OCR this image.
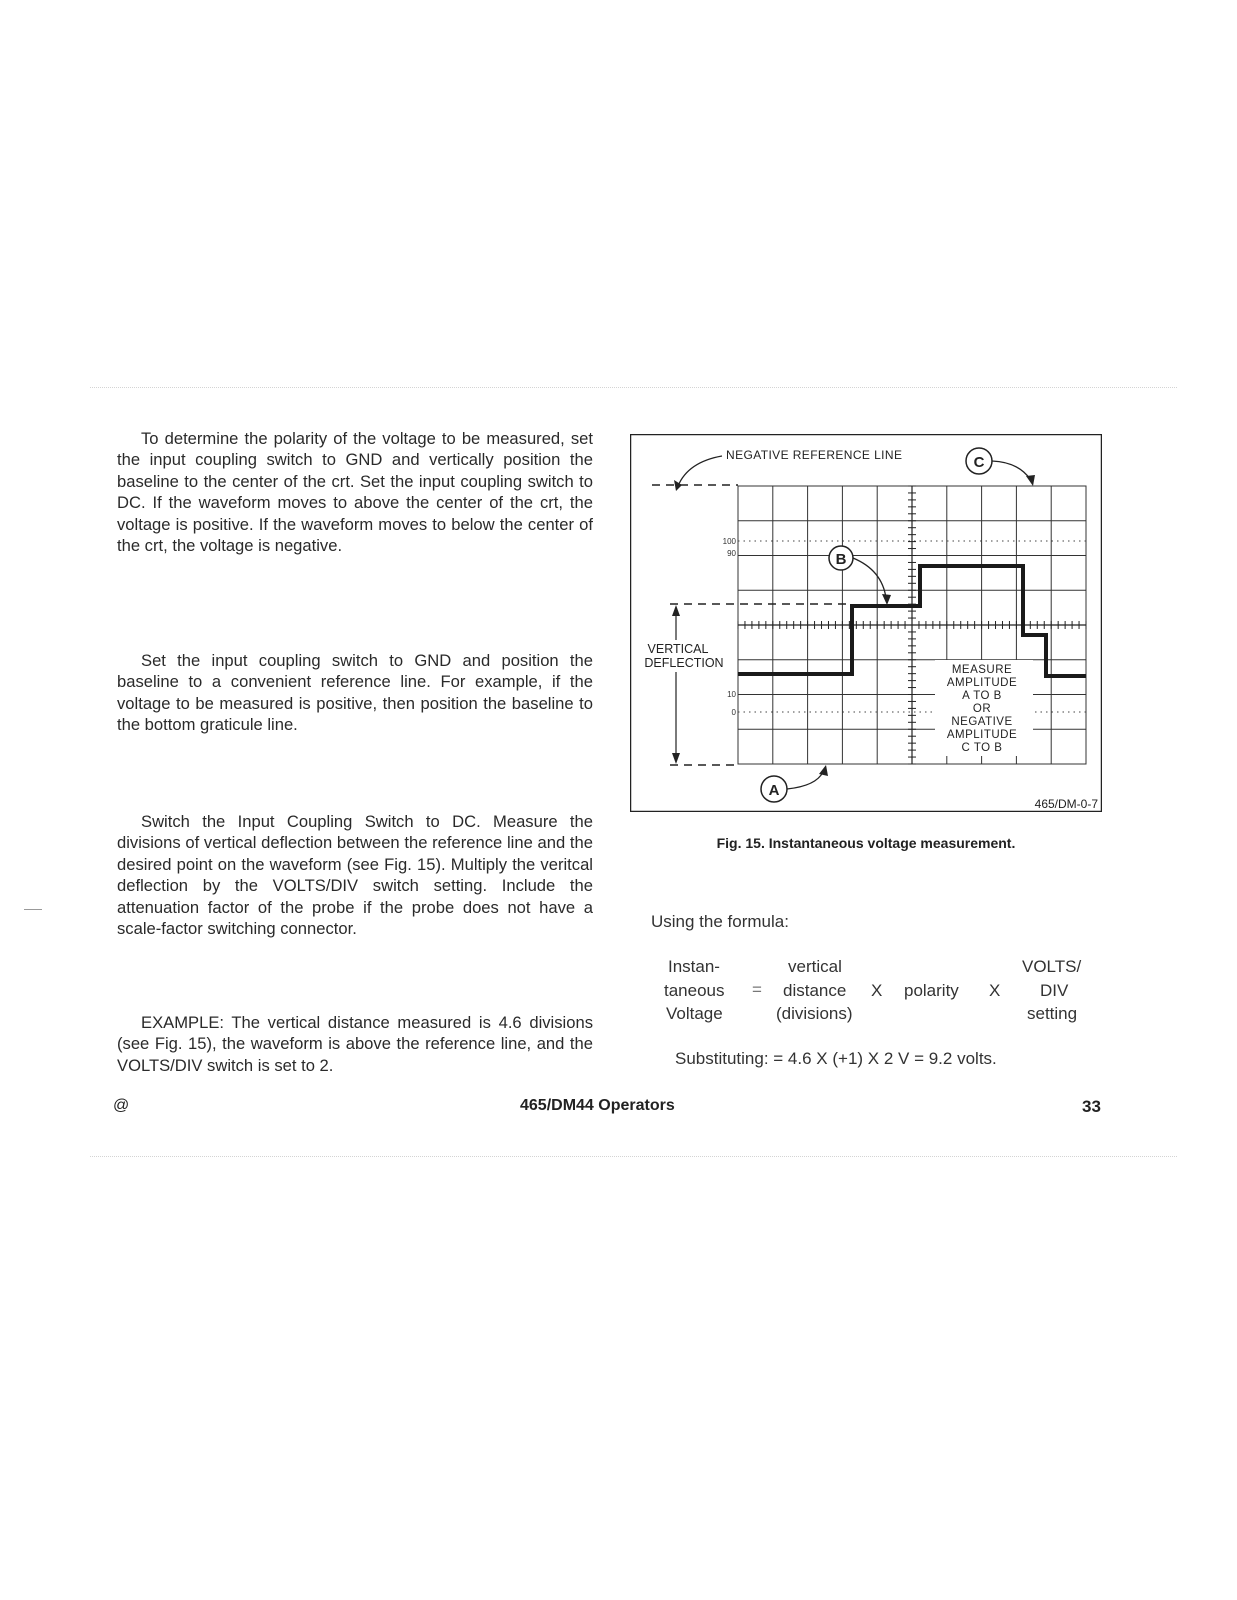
To determine the polarity of the voltage to be measured, set the input coupling switch to GND and vertically position the baseline to the center of the crt. Set the input coupling switch to DC. If the waveform moves to above the center of the crt, the voltage is positive. If the waveform moves to below the center of the crt, the voltage is negative.

Set the input coupling switch to GND and position the baseline to a convenient reference line. For example, if the voltage to be measured is positive, then position the baseline to the bottom graticule line.

Switch the Input Coupling Switch to DC. Measure the divisions of vertical deflection between the reference line and the desired point on the waveform (see Fig. 15). Multiply the veritcal deflection by the VOLTS/DIV switch setting. Include the attenuation factor of the probe if the probe does not have a scale-factor switching connector.

EXAMPLE: The vertical distance measured is 4.6 divisions (see Fig. 15), the waveform is above the reference line, and the VOLTS/DIV switch is set to 2.

NEGATIVE REFERENCE LINE
VERTICAL
DEFLECTION
100
90
10
0
B
C
A
MEASURE
AMPLITUDE
A TO B
OR
NEGATIVE
AMPLITUDE
C TO B
465/DM-0-7
Fig. 15. Instantaneous voltage measurement.
Using the formula:
Instan-
taneous
Voltage
=
vertical
distance
(divisions)
X polarity X
VOLTS/
DIV
setting
Substituting: = 4.6 X (+1) X 2 V = 9.2 volts.
@	465/DM44 Operators	33
